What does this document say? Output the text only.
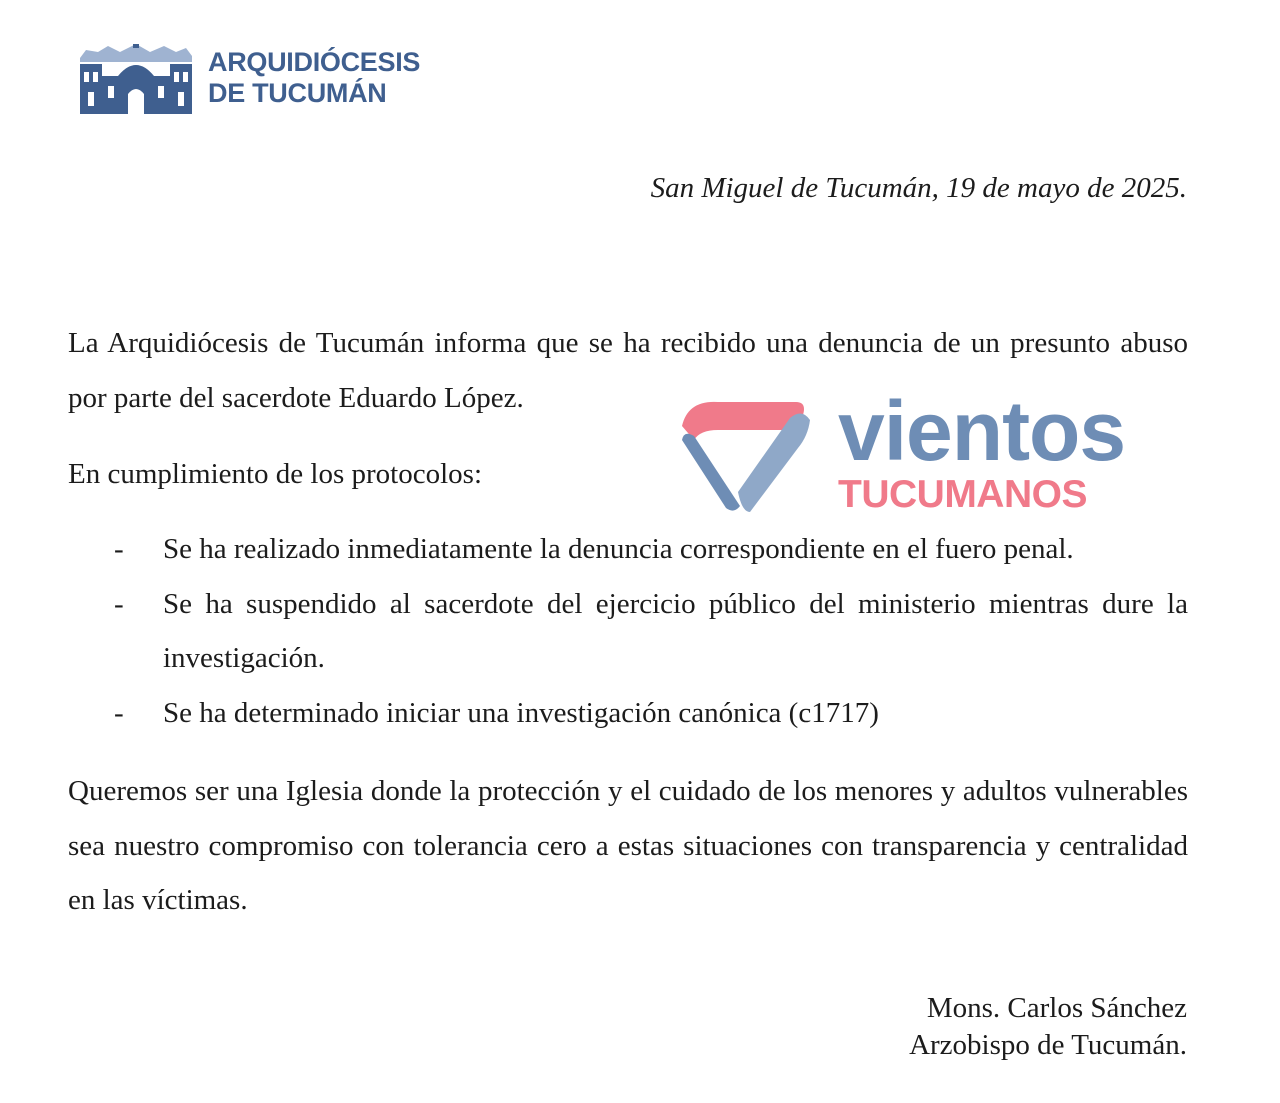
ARQUIDIÓCESIS
DE TUCUMÁN
San Miguel de Tucumán, 19 de mayo de 2025.

La Arquidiócesis de Tucumán informa que se ha recibido una denuncia de un presunto abuso por parte del sacerdote Eduardo López.

En cumplimiento de los protocolos:

-	Se ha realizado inmediatamente la denuncia correspondiente en el fuero penal.
-	Se ha suspendido al sacerdote del ejercicio público del ministerio mientras dure la investigación.
-	Se ha determinado iniciar una investigación canónica (c1717)

Queremos ser una Iglesia donde la protección y el cuidado de los menores y adultos vulnerables sea nuestro compromiso con tolerancia cero a estas situaciones con transparencia y centralidad en las víctimas.

Mons. Carlos Sánchez
Arzobispo de Tucumán.
vientos
TUCUMANOS
